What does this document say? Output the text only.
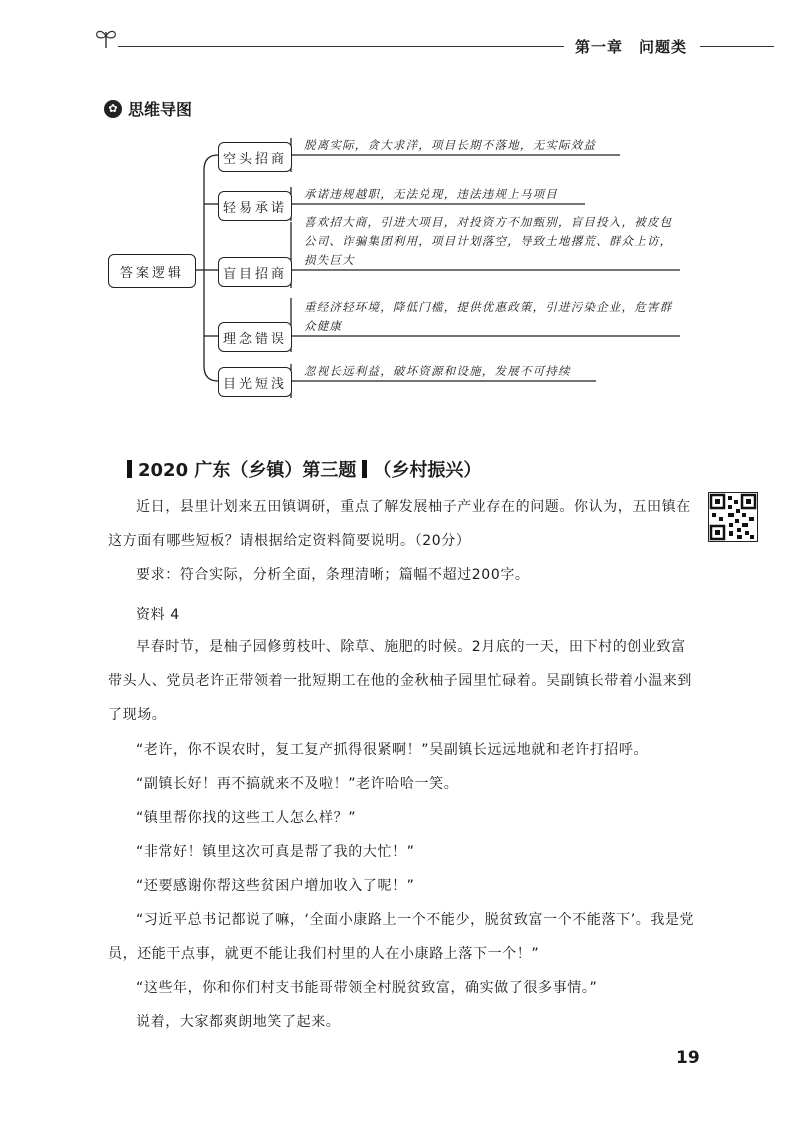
第一章　问题类
✿ 思维导图
答案逻辑
空头招商
轻易承诺
盲目招商
理念错误
目光短浅
脱离实际，贪大求洋，项目长期不落地，无实际效益
承诺违规越职，无法兑现，违法违规上马项目
喜欢招大商，引进大项目，对投资方不加甄别，盲目投入，被皮包公司、诈骗集团利用，项目计划落空，导致土地撂荒、群众上访，损失巨大
重经济轻环境，降低门槛，提供优惠政策，引进污染企业，危害群众健康
忽视长远利益，破坏资源和设施，发展不可持续
2020 广东（乡镇）第三题 （乡村振兴）
近日，县里计划来五田镇调研，重点了解发展柚子产业存在的问题。你认为，五田镇在这方面有哪些短板？请根据给定资料简要说明。（20分）
要求：符合实际，分析全面，条理清晰；篇幅不超过200字。
资料 4
早春时节，是柚子园修剪枝叶、除草、施肥的时候。2月底的一天，田下村的创业致富带头人、党员老许正带领着一批短期工在他的金秋柚子园里忙碌着。吴副镇长带着小温来到了现场。
“老许，你不误农时，复工复产抓得很紧啊！”吴副镇长远远地就和老许打招呼。
“副镇长好！再不搞就来不及啦！”老许哈哈一笑。
“镇里帮你找的这些工人怎么样？”
“非常好！镇里这次可真是帮了我的大忙！”
“还要感谢你帮这些贫困户增加收入了呢！”
“习近平总书记都说了嘛，‘全面小康路上一个不能少，脱贫致富一个不能落下’。我是党员，还能干点事，就更不能让我们村里的人在小康路上落下一个！”
“这些年，你和你们村支书能哥带领全村脱贫致富，确实做了很多事情。”
说着，大家都爽朗地笑了起来。
19
